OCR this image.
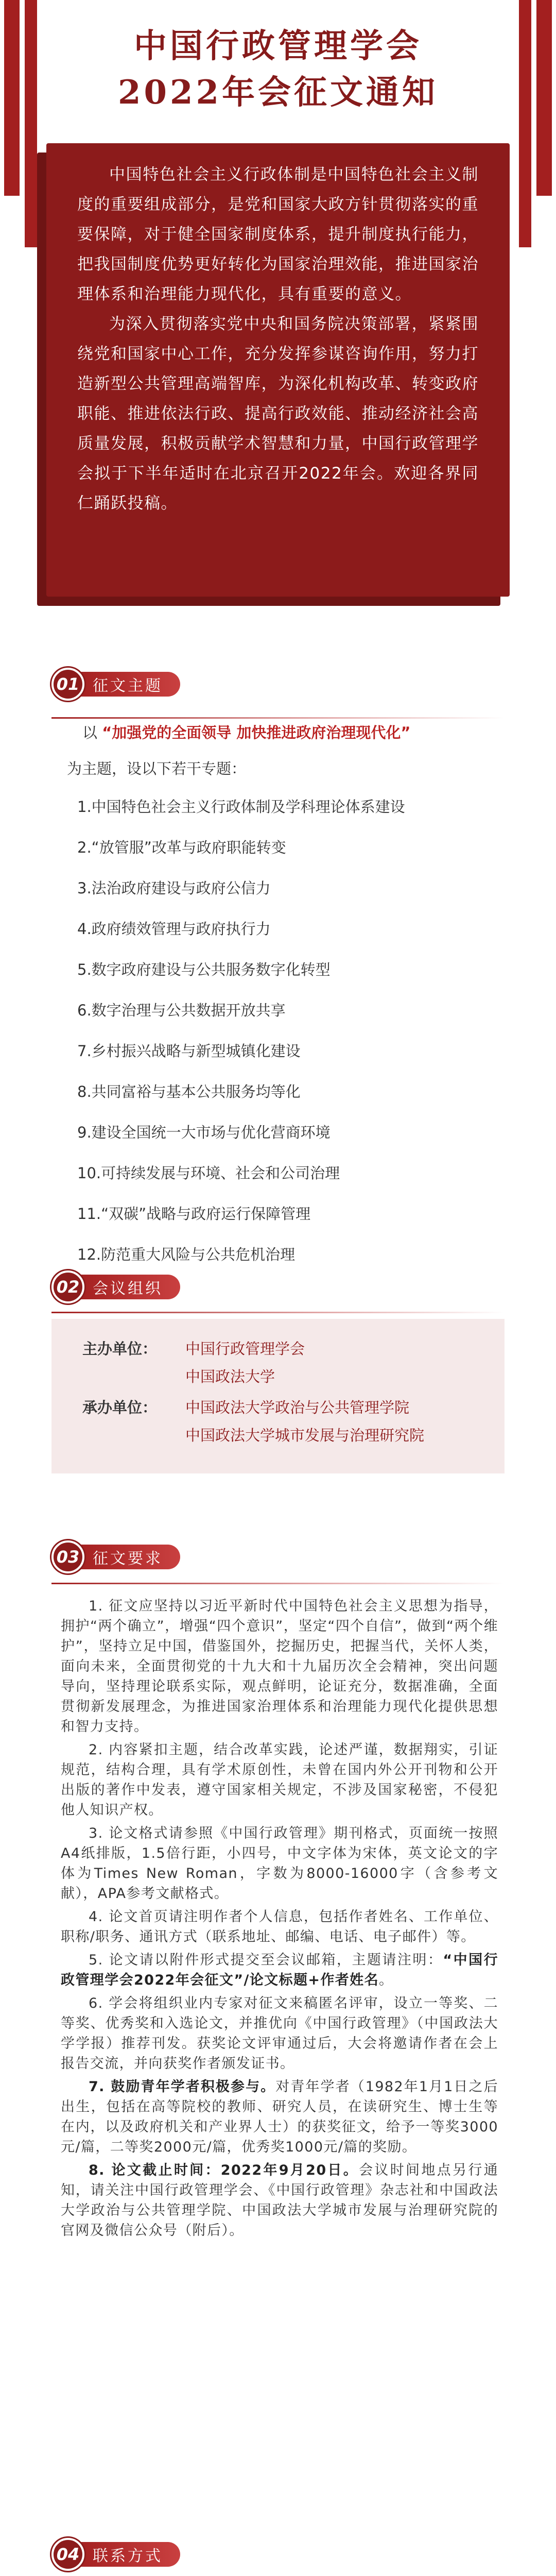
中国行政管理学会
2022年会征文通知

中国特色社会主义行政体制是中国特色社会主义制度的重要组成部分，是党和国家大政方针贯彻落实的重要保障，对于健全国家制度体系，提升制度执行能力，把我国制度优势更好转化为国家治理效能，推进国家治理体系和治理能力现代化，具有重要的意义。

为深入贯彻落实党中央和国务院决策部署，紧紧围绕党和国家中心工作，充分发挥参谋咨询作用，努力打造新型公共管理高端智库，为深化机构改革、转变政府职能、推进依法行政、提高行政效能、推动经济社会高质量发展，积极贡献学术智慧和力量，中国行政管理学会拟于下半年适时在北京召开2022年会。欢迎各界同仁踊跃投稿。

征文主题
01
以 “加强党的全面领导 加快推进政府治理现代化”
为主题，设以下若干专题：
1.中国特色社会主义行政体制及学科理论体系建设
2.“放管服”改革与政府职能转变
3.法治政府建设与政府公信力
4.政府绩效管理与政府执行力
5.数字政府建设与公共服务数字化转型
6.数字治理与公共数据开放共享
7.乡村振兴战略与新型城镇化建设
8.共同富裕与基本公共服务均等化
9.建设全国统一大市场与优化营商环境
10.可持续发展与环境、社会和公司治理
11.“双碳”战略与政府运行保障管理
12.防范重大风险与公共危机治理
会议组织
02
主办单位： 中国行政管理学会
中国政法大学
承办单位： 中国政法大学政治与公共管理学院
中国政法大学城市发展与治理研究院
征文要求
03

1. 征文应坚持以习近平新时代中国特色社会主义思想为指导，拥护“两个确立”，增强“四个意识”，坚定“四个自信”，做到“两个维护”，坚持立足中国，借鉴国外，挖掘历史，把握当代，关怀人类，面向未来，全面贯彻党的十九大和十九届历次全会精神，突出问题导向，坚持理论联系实际，观点鲜明，论证充分，数据准确，全面贯彻新发展理念，为推进国家治理体系和治理能力现代化提供思想和智力支持。

2. 内容紧扣主题，结合改革实践，论述严谨，数据翔实，引证规范，结构合理，具有学术原创性，未曾在国内外公开刊物和公开出版的著作中发表，遵守国家相关规定，不涉及国家秘密，不侵犯他人知识产权。

3. 论文格式请参照《中国行政管理》期刊格式，页面统一按照A4纸排版，1.5倍行距，小四号，中文字体为宋体，英文论文的字体为Times New Roman，字数为8000-16000字（含参考文献），APA参考文献格式。

4. 论文首页请注明作者个人信息，包括作者姓名、工作单位、职称/职务、通讯方式（联系地址、邮编、电话、电子邮件）等。

5. 论文请以附件形式提交至会议邮箱，主题请注明：“中国行政管理学会2022年会征文”/论文标题+作者姓名。

6. 学会将组织业内专家对征文来稿匿名评审，设立一等奖、二等奖、优秀奖和入选论文，并推优向《中国行政管理》（中国政法大学学报）推荐刊发。获奖论文评审通过后，大会将邀请作者在会上报告交流，并向获奖作者颁发证书。

7. 鼓励青年学者积极参与。对青年学者（1982年1月1日之后出生，包括在高等院校的教师、研究人员，在读研究生、博士生等在内，以及政府机关和产业界人士）的获奖征文，给予一等奖3000元/篇，二等奖2000元/篇，优秀奖1000元/篇的奖励。

8. 论文截止时间：2022年9月20日。会议时间地点另行通知，请关注中国行政管理学会、《中国行政管理》杂志社和中国政法大学政治与公共管理学院、中国政法大学城市发展与治理研究院的官网及微信公众号（附后）。

联系方式
04
